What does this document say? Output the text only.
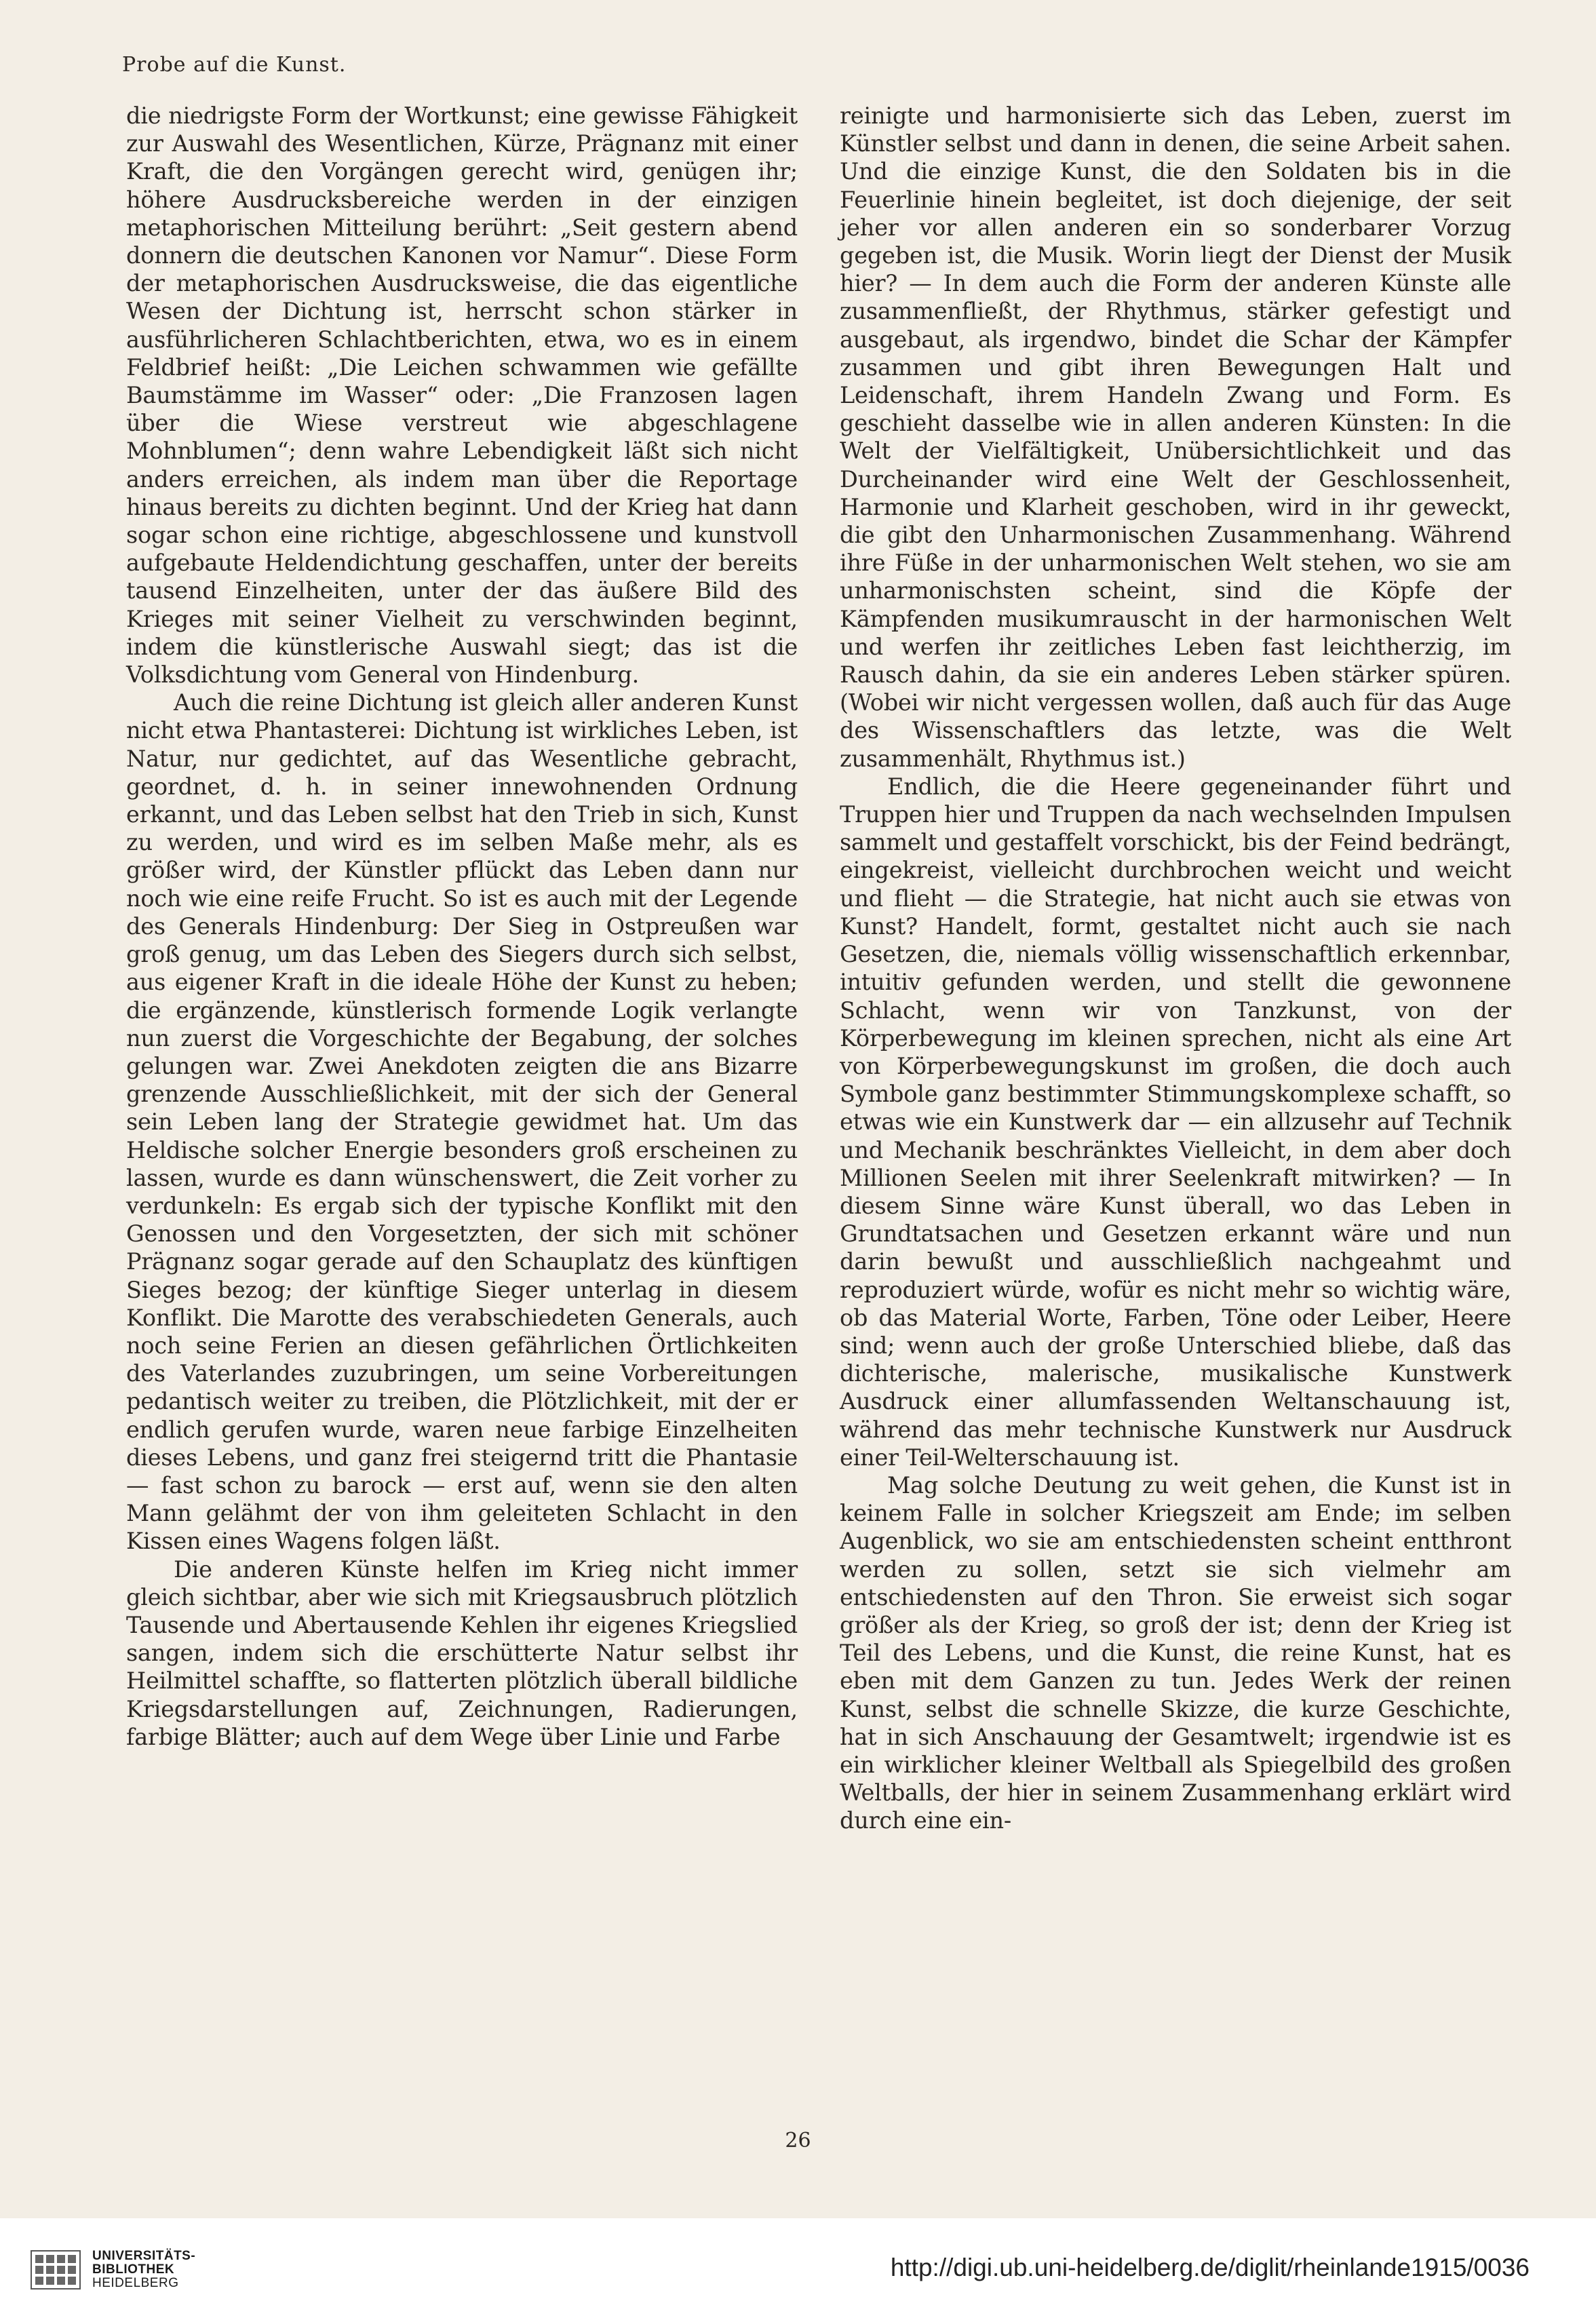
Probe auf die Kunst.

die niedrigste Form der Wortkunst; eine gewisse Fähigkeit zur Auswahl des Wesentlichen, Kürze, Prägnanz mit einer Kraft, die den Vorgängen gerecht wird, genügen ihr; höhere Ausdrucksbereiche werden in der einzigen metaphorischen Mitteilung berührt: „Seit gestern abend donnern die deutschen Kanonen vor Namur“. Diese Form der metaphorischen Ausdrucksweise, die das eigentliche Wesen der Dichtung ist, herrscht schon stärker in ausführlicheren Schlachtberichten, etwa, wo es in einem Feldbrief heißt: „Die Leichen schwammen wie gefällte Baumstämme im Wasser“ oder: „Die Franzosen lagen über die Wiese verstreut wie abgeschlagene Mohnblumen“; denn wahre Lebendigkeit läßt sich nicht anders erreichen, als indem man über die Reportage hinaus bereits zu dichten beginnt. Und der Krieg hat dann sogar schon eine richtige, abgeschlossene und kunstvoll aufgebaute Heldendichtung geschaffen, unter der bereits tausend Einzelheiten, unter der das äußere Bild des Krieges mit seiner Vielheit zu verschwinden beginnt, indem die künstlerische Auswahl siegt; das ist die Volksdichtung vom General von Hindenburg.

Auch die reine Dichtung ist gleich aller anderen Kunst nicht etwa Phantasterei: Dichtung ist wirkliches Leben, ist Natur, nur gedichtet, auf das Wesentliche gebracht, geordnet, d. h. in seiner innewohnenden Ordnung erkannt, und das Leben selbst hat den Trieb in sich, Kunst zu werden, und wird es im selben Maße mehr, als es größer wird, der Künstler pflückt das Leben dann nur noch wie eine reife Frucht. So ist es auch mit der Legende des Generals Hindenburg: Der Sieg in Ostpreußen war groß genug, um das Leben des Siegers durch sich selbst, aus eigener Kraft in die ideale Höhe der Kunst zu heben; die ergänzende, künstlerisch formende Logik verlangte nun zuerst die Vorgeschichte der Begabung, der solches gelungen war. Zwei Anekdoten zeigten die ans Bizarre grenzende Ausschließlichkeit, mit der sich der General sein Leben lang der Strategie gewidmet hat. Um das Heldische solcher Energie besonders groß erscheinen zu lassen, wurde es dann wünschenswert, die Zeit vorher zu verdunkeln: Es ergab sich der typische Konflikt mit den Genossen und den Vorgesetzten, der sich mit schöner Prägnanz sogar gerade auf den Schauplatz des künftigen Sieges bezog; der künftige Sieger unterlag in diesem Konflikt. Die Marotte des verabschiedeten Generals, auch noch seine Ferien an diesen gefährlichen Örtlichkeiten des Vaterlandes zuzubringen, um seine Vorbereitungen pedantisch weiter zu treiben, die Plötzlichkeit, mit der er endlich gerufen wurde, waren neue farbige Einzelheiten dieses Lebens, und ganz frei steigernd tritt die Phantasie — fast schon zu barock — erst auf, wenn sie den alten Mann gelähmt der von ihm geleiteten Schlacht in den Kissen eines Wagens folgen läßt.

Die anderen Künste helfen im Krieg nicht immer gleich sichtbar, aber wie sich mit Kriegsausbruch plötzlich Tausende und Abertausende Kehlen ihr eigenes Kriegslied sangen, indem sich die erschütterte Natur selbst ihr Heilmittel schaffte, so flatterten plötzlich überall bildliche Kriegsdarstellungen auf, Zeichnungen, Radierungen, farbige Blätter; auch auf dem Wege über Linie und Farbe

reinigte und harmonisierte sich das Leben, zuerst im Künstler selbst und dann in denen, die seine Arbeit sahen. Und die einzige Kunst, die den Soldaten bis in die Feuerlinie hinein begleitet, ist doch diejenige, der seit jeher vor allen anderen ein so sonderbarer Vorzug gegeben ist, die Musik. Worin liegt der Dienst der Musik hier? — In dem auch die Form der anderen Künste alle zusammenfließt, der Rhythmus, stärker gefestigt und ausgebaut, als irgendwo, bindet die Schar der Kämpfer zusammen und gibt ihren Bewegungen Halt und Leidenschaft, ihrem Handeln Zwang und Form. Es geschieht dasselbe wie in allen anderen Künsten: In die Welt der Vielfältigkeit, Unübersichtlichkeit und das Durcheinander wird eine Welt der Geschlossenheit, Harmonie und Klarheit geschoben, wird in ihr geweckt, die gibt den Unharmonischen Zusammenhang. Während ihre Füße in der unharmonischen Welt stehen, wo sie am unharmonischsten scheint, sind die Köpfe der Kämpfenden musikumrauscht in der harmonischen Welt und werfen ihr zeitliches Leben fast leichtherzig, im Rausch dahin, da sie ein anderes Leben stärker spüren. (Wobei wir nicht vergessen wollen, daß auch für das Auge des Wissenschaftlers das letzte, was die Welt zusammenhält, Rhythmus ist.)

Endlich, die die Heere gegeneinander führt und Truppen hier und Truppen da nach wechselnden Impulsen sammelt und gestaffelt vorschickt, bis der Feind bedrängt, eingekreist, vielleicht durchbrochen weicht und weicht und flieht — die Strategie, hat nicht auch sie etwas von Kunst? Handelt, formt, gestaltet nicht auch sie nach Gesetzen, die, niemals völlig wissenschaftlich erkennbar, intuitiv gefunden werden, und stellt die gewonnene Schlacht, wenn wir von Tanzkunst, von der Körperbewegung im kleinen sprechen, nicht als eine Art von Körperbewegungskunst im großen, die doch auch Symbole ganz bestimmter Stimmungskomplexe schafft, so etwas wie ein Kunstwerk dar — ein allzusehr auf Technik und Mechanik beschränktes Vielleicht, in dem aber doch Millionen Seelen mit ihrer Seelenkraft mitwirken? — In diesem Sinne wäre Kunst überall, wo das Leben in Grundtatsachen und Gesetzen erkannt wäre und nun darin bewußt und ausschließlich nachgeahmt und reproduziert würde, wofür es nicht mehr so wichtig wäre, ob das Material Worte, Farben, Töne oder Leiber, Heere sind; wenn auch der große Unterschied bliebe, daß das dichterische, malerische, musikalische Kunstwerk Ausdruck einer allumfassenden Weltanschauung ist, während das mehr technische Kunstwerk nur Ausdruck einer Teil-Welterschauung ist.

Mag solche Deutung zu weit gehen, die Kunst ist in keinem Falle in solcher Kriegszeit am Ende; im selben Augenblick, wo sie am entschiedensten scheint entthront werden zu sollen, setzt sie sich vielmehr am entschiedensten auf den Thron. Sie erweist sich sogar größer als der Krieg, so groß der ist; denn der Krieg ist Teil des Lebens, und die Kunst, die reine Kunst, hat es eben mit dem Ganzen zu tun. Jedes Werk der reinen Kunst, selbst die schnelle Skizze, die kurze Geschichte, hat in sich Anschauung der Gesamtwelt; irgendwie ist es ein wirklicher kleiner Weltball als Spiegelbild des großen Weltballs, der hier in seinem Zusammenhang erklärt wird durch eine ein-

26
UNIVERSITÄTS-
BIBLIOTHEK
HEIDELBERG
http://digi.ub.uni-heidelberg.de/diglit/rheinlande1915/0036
